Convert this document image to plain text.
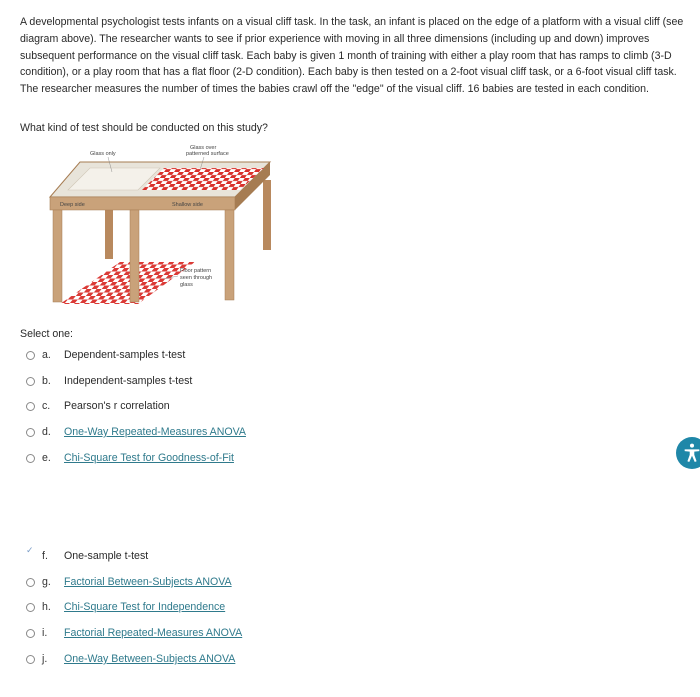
A developmental psychologist tests infants on a visual cliff task. In the task, an infant is placed on the edge of a platform with a visual cliff (see diagram above). The researcher wants to see if prior experience with moving in all three dimensions (including up and down) improves subsequent performance on the visual cliff task. Each baby is given 1 month of training with either a play room that has ramps to climb (3-D condition), or a play room that has a flat floor (2-D condition). Each baby is then tested on a 2-foot visual cliff task, or a 6-foot visual cliff task. The researcher measures the number of times the babies crawl off the "edge" of the visual cliff. 16 babies are tested in each condition.

What kind of test should be conducted on this study?
Glass only
Glass over
patterned surface
Deep side	Shallow side
Floor pattern
seen through
glass
Select one:
a.	Dependent-samples t-test
b.	Independent-samples t-test
c.	Pearson's r correlation
d.	One-Way Repeated-Measures ANOVA
e.	Chi-Square Test for Goodness-of-Fit
✓
f.	One-sample t-test
g.	Factorial Between-Subjects ANOVA
h.	Chi-Square Test for Independence
i.	Factorial Repeated-Measures ANOVA
j.	One-Way Between-Subjects ANOVA
